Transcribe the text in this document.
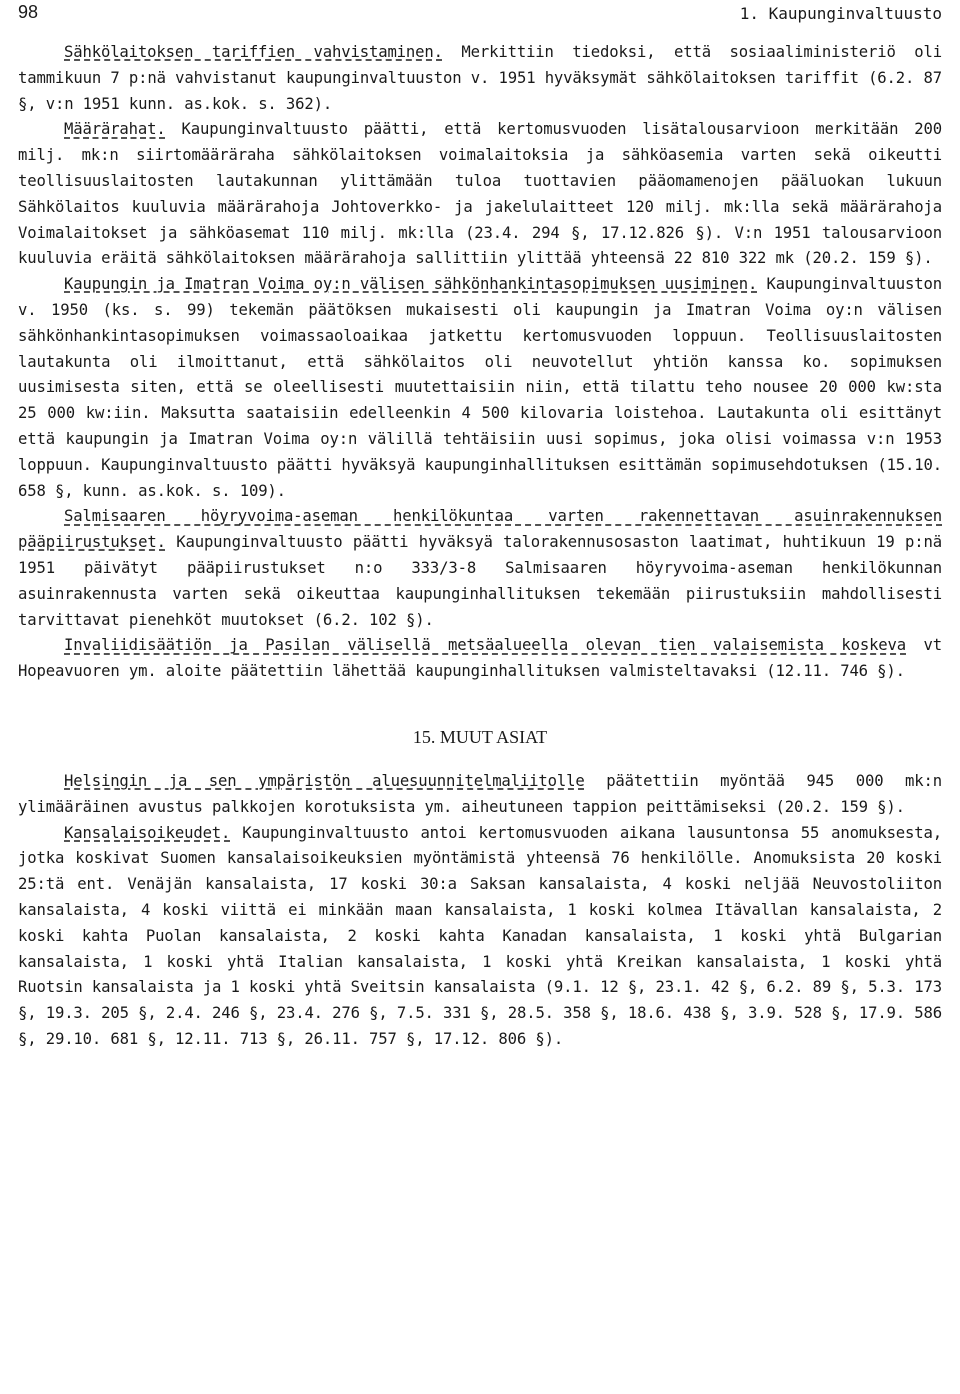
98	1. Kaupunginvaltuusto

Sähkölaitoksen tariffien vahvistaminen. Merkittiin tiedoksi, että sosiaaliministeriö oli tammikuun 7 p:nä vahvistanut kaupunginvaltuuston v. 1951 hyväksymät sähkölaitoksen tariffit (6.2. 87 §, v:n 1951 kunn. as.kok. s. 362).

Määrärahat. Kaupunginvaltuusto päätti, että kertomusvuoden lisätalousarvioon merkitään 200 milj. mk:n siirtomääräraha sähkölaitoksen voimalaitoksia ja sähköasemia varten sekä oikeutti teollisuuslaitosten lautakunnan ylittämään tuloa tuottavien pääomamenojen pääluokan lukuun Sähkölaitos kuuluvia määrärahoja Johtoverkko- ja jakelulaitteet 120 milj. mk:lla sekä määrärahoja Voimalaitokset ja sähköasemat 110 milj. mk:lla (23.4. 294 §, 17.12.826 §). V:n 1951 talousarvioon kuuluvia eräitä sähkölaitoksen määrärahoja sallittiin ylittää yhteensä 22 810 322 mk (20.2. 159 §).

Kaupungin ja Imatran Voima oy:n välisen sähkönhankintasopimuksen uusiminen. Kaupunginvaltuuston v. 1950 (ks. s. 99) tekemän päätöksen mukaisesti oli kaupungin ja Imatran Voima oy:n välisen sähkönhankintasopimuksen voimassaoloaikaa jatkettu kertomusvuoden loppuun. Teollisuuslaitosten lautakunta oli ilmoittanut, että sähkölaitos oli neuvotellut yhtiön kanssa ko. sopimuksen uusimisesta siten, että se oleellisesti muutettaisiin niin, että tilattu teho nousee 20 000 kw:sta 25 000 kw:iin. Maksutta saataisiin edelleenkin 4 500 kilovaria loistehoa. Lautakunta oli esittänyt että kaupungin ja Imatran Voima oy:n välillä tehtäisiin uusi sopimus, joka olisi voimassa v:n 1953 loppuun. Kaupunginvaltuusto päätti hyväksyä kaupunginhallituksen esittämän sopimusehdotuksen (15.10. 658 §, kunn. as.kok. s. 109).

Salmisaaren höyryvoima-aseman henkilökuntaa varten rakennettavan asuinrakennuksen pääpiirustukset. Kaupunginvaltuusto päätti hyväksyä talorakennusosaston laatimat, huhtikuun 19 p:nä 1951 päivätyt pääpiirustukset n:o 333/3-8 Salmisaaren höyryvoima-aseman henkilökunnan asuinrakennusta varten sekä oikeuttaa kaupunginhallituksen tekemään piirustuksiin mahdollisesti tarvittavat pienehköt muutokset (6.2. 102 §).

Invaliidisäätiön ja Pasilan välisellä metsäalueella olevan tien valaisemista koskeva vt Hopeavuoren ym. aloite päätettiin lähettää kaupunginhallituksen valmisteltavaksi (12.11. 746 §).

15. MUUT ASIAT

Helsingin ja sen ympäristön aluesuunnitelmaliitolle päätettiin myöntää 945 000 mk:n ylimääräinen avustus palkkojen korotuksista ym. aiheutuneen tappion peittämiseksi (20.2. 159 §).

Kansalaisoikeudet. Kaupunginvaltuusto antoi kertomusvuoden aikana lausuntonsa 55 anomuksesta, jotka koskivat Suomen kansalaisoikeuksien myöntämistä yhteensä 76 henkilölle. Anomuksista 20 koski 25:tä ent. Venäjän kansalaista, 17 koski 30:a Saksan kansalaista, 4 koski neljää Neuvostoliiton kansalaista, 4 koski viittä ei minkään maan kansalaista, 1 koski kolmea Itävallan kansalaista, 2 koski kahta Puolan kansalaista, 2 koski kahta Kanadan kansalaista, 1 koski yhtä Bulgarian kansalaista, 1 koski yhtä Italian kansalaista, 1 koski yhtä Kreikan kansalaista, 1 koski yhtä Ruotsin kansalaista ja 1 koski yhtä Sveitsin kansalaista (9.1. 12 §, 23.1. 42 §, 6.2. 89 §, 5.3. 173 §, 19.3. 205 §, 2.4. 246 §, 23.4. 276 §, 7.5. 331 §, 28.5. 358 §, 18.6. 438 §, 3.9. 528 §, 17.9. 586 §, 29.10. 681 §, 12.11. 713 §, 26.11. 757 §, 17.12. 806 §).
